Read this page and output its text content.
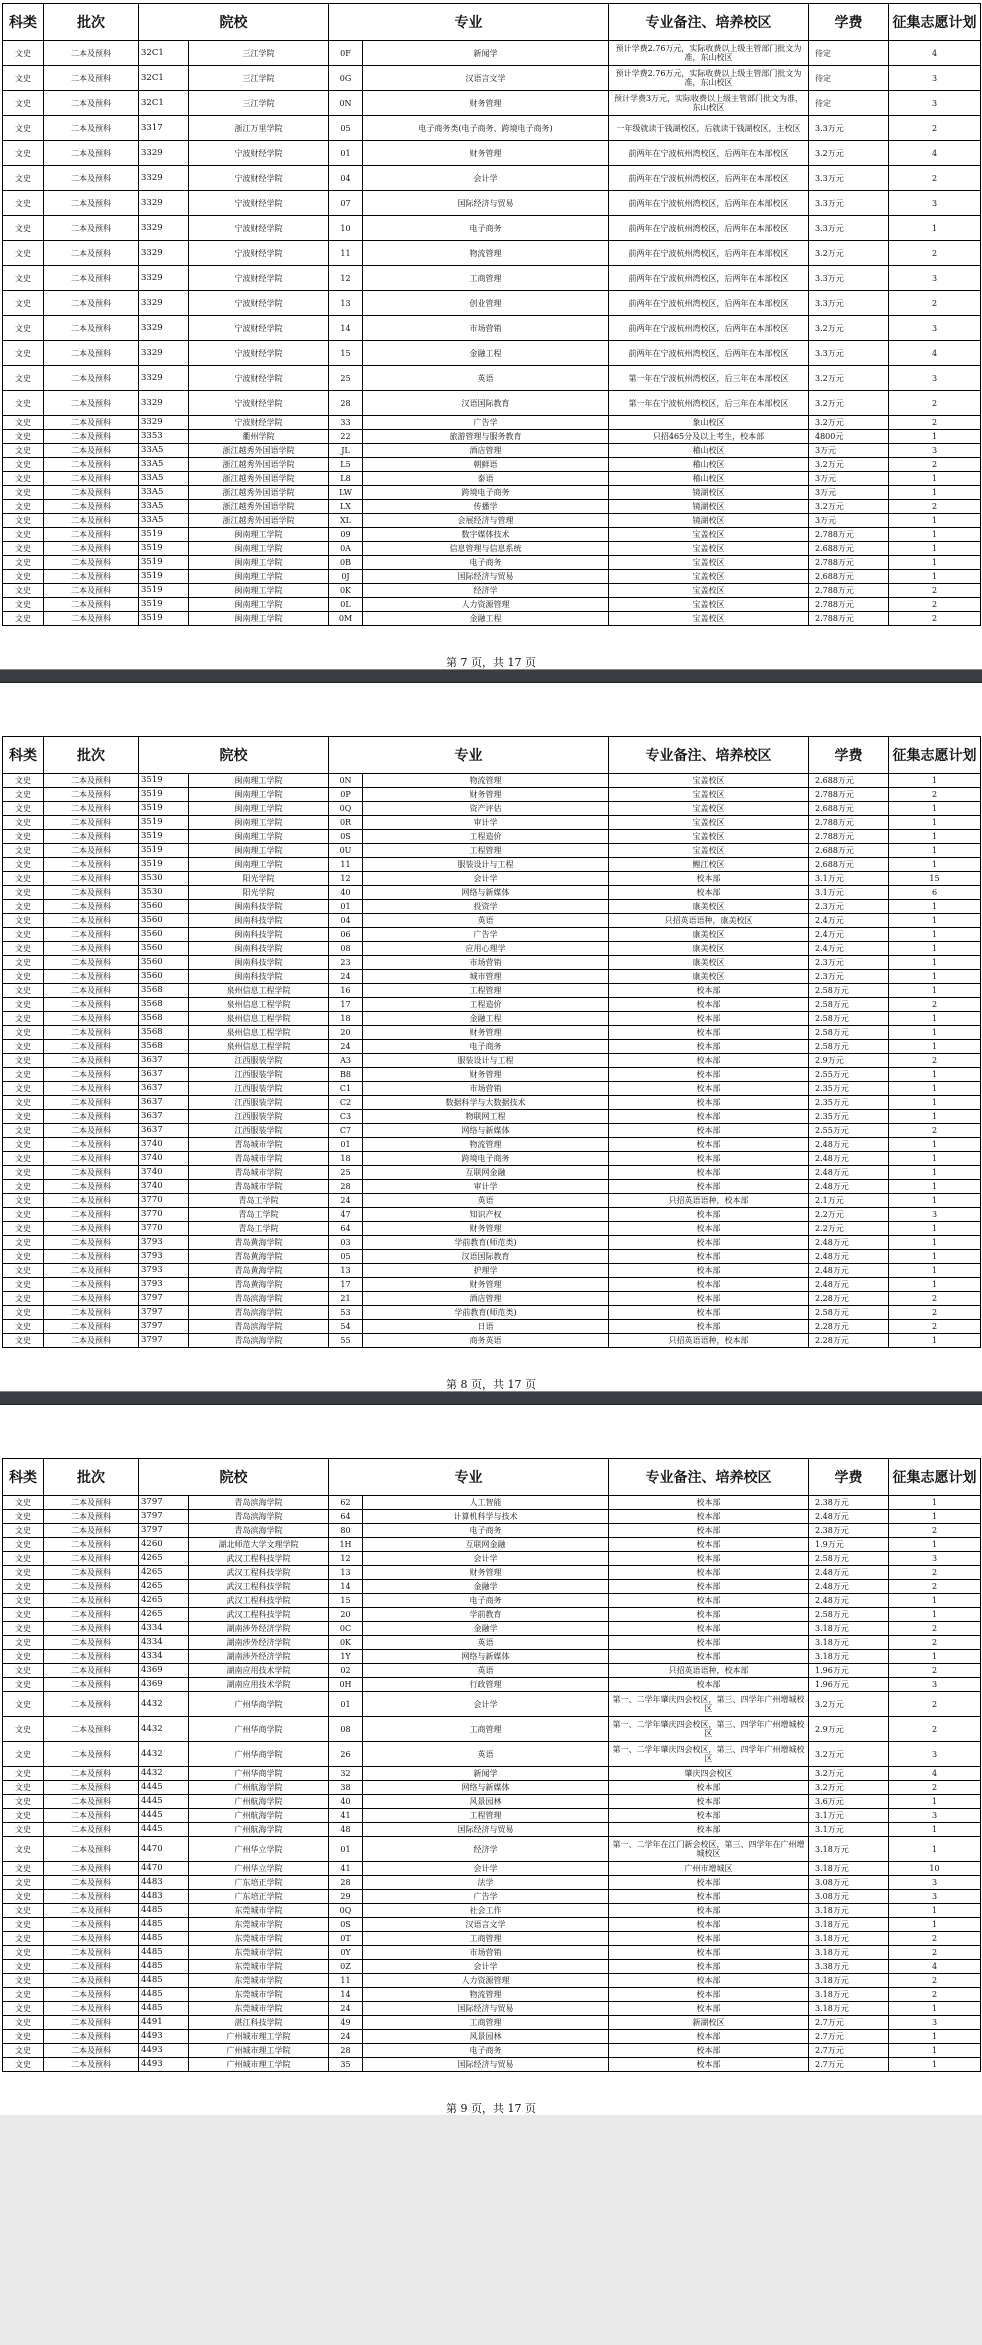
科类	批次	院校		专业		专业备注、培养校区	学费	征集志愿计划
文史	二本及预科	32C1	三江学院	0F	新闻学	预计学费2.76万元，实际收费以上级主管部门批文为准，东山校区	待定	4
文史	二本及预科	32C1	三江学院	0G	汉语言文学	预计学费2.76万元，实际收费以上级主管部门批文为准，东山校区	待定	3
文史	二本及预科	32C1	三江学院	0N	财务管理	预计学费3万元，实际收费以上级主管部门批文为准，东山校区	待定	3
文史	二本及预科	3317	浙江万里学院	05	电子商务类(电子商务、跨境电子商务)	一年级就读于钱湖校区，后就读于钱湖校区，主校区	3.3万元	2
文史	二本及预科	3329	宁波财经学院	01	财务管理	前两年在宁波杭州湾校区，后两年在本部校区	3.2万元	4
文史	二本及预科	3329	宁波财经学院	04	会计学	前两年在宁波杭州湾校区，后两年在本部校区	3.3万元	2
文史	二本及预科	3329	宁波财经学院	07	国际经济与贸易	前两年在宁波杭州湾校区，后两年在本部校区	3.3万元	3
文史	二本及预科	3329	宁波财经学院	10	电子商务	前两年在宁波杭州湾校区，后两年在本部校区	3.3万元	1
文史	二本及预科	3329	宁波财经学院	11	物流管理	前两年在宁波杭州湾校区，后两年在本部校区	3.2万元	2
文史	二本及预科	3329	宁波财经学院	12	工商管理	前两年在宁波杭州湾校区，后两年在本部校区	3.3万元	3
文史	二本及预科	3329	宁波财经学院	13	创业管理	前两年在宁波杭州湾校区，后两年在本部校区	3.3万元	2
文史	二本及预科	3329	宁波财经学院	14	市场营销	前两年在宁波杭州湾校区，后两年在本部校区	3.2万元	3
文史	二本及预科	3329	宁波财经学院	15	金融工程	前两年在宁波杭州湾校区，后两年在本部校区	3.3万元	4
文史	二本及预科	3329	宁波财经学院	25	英语	第一年在宁波杭州湾校区，后三年在本部校区	3.2万元	3
文史	二本及预科	3329	宁波财经学院	28	汉语国际教育	第一年在宁波杭州湾校区，后三年在本部校区	3.2万元	2
文史	二本及预科	3329	宁波财经学院	33	广告学	象山校区	3.2万元	2
文史	二本及预科	3353	衢州学院	22	旅游管理与服务教育	只招465分及以上考生，校本部	4800元	1
文史	二本及预科	33A5	浙江越秀外国语学院	JL	酒店管理	稽山校区	3万元	3
文史	二本及预科	33A5	浙江越秀外国语学院	L5	朝鲜语	稽山校区	3.2万元	2
文史	二本及预科	33A5	浙江越秀外国语学院	L8	泰语	稽山校区	3万元	1
文史	二本及预科	33A5	浙江越秀外国语学院	LW	跨境电子商务	镜湖校区	3万元	1
文史	二本及预科	33A5	浙江越秀外国语学院	LX	传播学	镜湖校区	3.2万元	2
文史	二本及预科	33A5	浙江越秀外国语学院	XL	会展经济与管理	镜湖校区	3万元	1
文史	二本及预科	3519	闽南理工学院	09	数字媒体技术	宝盖校区	2.788万元	1
文史	二本及预科	3519	闽南理工学院	0A	信息管理与信息系统	宝盖校区	2.688万元	1
文史	二本及预科	3519	闽南理工学院	0B	电子商务	宝盖校区	2.788万元	1
文史	二本及预科	3519	闽南理工学院	0J	国际经济与贸易	宝盖校区	2.688万元	1
文史	二本及预科	3519	闽南理工学院	0K	经济学	宝盖校区	2.788万元	2
文史	二本及预科	3519	闽南理工学院	0L	人力资源管理	宝盖校区	2.788万元	2
文史	二本及预科	3519	闽南理工学院	0M	金融工程	宝盖校区	2.788万元	2
第 7 页，共 17 页
科类	批次	院校		专业		专业备注、培养校区	学费	征集志愿计划
文史	二本及预科	3519	闽南理工学院	0N	物流管理	宝盖校区	2.688万元	1
文史	二本及预科	3519	闽南理工学院	0P	财务管理	宝盖校区	2.788万元	2
文史	二本及预科	3519	闽南理工学院	0Q	资产评估	宝盖校区	2.688万元	1
文史	二本及预科	3519	闽南理工学院	0R	审计学	宝盖校区	2.788万元	1
文史	二本及预科	3519	闽南理工学院	0S	工程造价	宝盖校区	2.788万元	1
文史	二本及预科	3519	闽南理工学院	0U	工程管理	宝盖校区	2.688万元	1
文史	二本及预科	3519	闽南理工学院	11	服装设计与工程	鲤江校区	2.688万元	1
文史	二本及预科	3530	阳光学院	12	会计学	校本部	3.1万元	15
文史	二本及预科	3530	阳光学院	40	网络与新媒体	校本部	3.1万元	6
文史	二本及预科	3560	闽南科技学院	01	投资学	康美校区	2.3万元	1
文史	二本及预科	3560	闽南科技学院	04	英语	只招英语语种，康美校区	2.4万元	1
文史	二本及预科	3560	闽南科技学院	06	广告学	康美校区	2.4万元	1
文史	二本及预科	3560	闽南科技学院	08	应用心理学	康美校区	2.4万元	1
文史	二本及预科	3560	闽南科技学院	23	市场营销	康美校区	2.3万元	1
文史	二本及预科	3560	闽南科技学院	24	城市管理	康美校区	2.3万元	1
文史	二本及预科	3568	泉州信息工程学院	16	工程管理	校本部	2.58万元	1
文史	二本及预科	3568	泉州信息工程学院	17	工程造价	校本部	2.58万元	2
文史	二本及预科	3568	泉州信息工程学院	18	金融工程	校本部	2.58万元	1
文史	二本及预科	3568	泉州信息工程学院	20	财务管理	校本部	2.58万元	1
文史	二本及预科	3568	泉州信息工程学院	24	电子商务	校本部	2.58万元	1
文史	二本及预科	3637	江西服装学院	A3	服装设计与工程	校本部	2.9万元	2
文史	二本及预科	3637	江西服装学院	B8	财务管理	校本部	2.55万元	1
文史	二本及预科	3637	江西服装学院	C1	市场营销	校本部	2.35万元	1
文史	二本及预科	3637	江西服装学院	C2	数据科学与大数据技术	校本部	2.35万元	1
文史	二本及预科	3637	江西服装学院	C3	物联网工程	校本部	2.35万元	1
文史	二本及预科	3637	江西服装学院	C7	网络与新媒体	校本部	2.55万元	2
文史	二本及预科	3740	青岛城市学院	01	物流管理	校本部	2.48万元	1
文史	二本及预科	3740	青岛城市学院	18	跨境电子商务	校本部	2.48万元	1
文史	二本及预科	3740	青岛城市学院	25	互联网金融	校本部	2.48万元	1
文史	二本及预科	3740	青岛城市学院	28	审计学	校本部	2.48万元	1
文史	二本及预科	3770	青岛工学院	24	英语	只招英语语种，校本部	2.1万元	1
文史	二本及预科	3770	青岛工学院	47	知识产权	校本部	2.2万元	3
文史	二本及预科	3770	青岛工学院	64	财务管理	校本部	2.2万元	1
文史	二本及预科	3793	青岛黄海学院	03	学前教育(师范类)	校本部	2.48万元	1
文史	二本及预科	3793	青岛黄海学院	05	汉语国际教育	校本部	2.48万元	1
文史	二本及预科	3793	青岛黄海学院	13	护理学	校本部	2.48万元	1
文史	二本及预科	3793	青岛黄海学院	17	财务管理	校本部	2.48万元	1
文史	二本及预科	3797	青岛滨海学院	21	酒店管理	校本部	2.28万元	2
文史	二本及预科	3797	青岛滨海学院	53	学前教育(师范类)	校本部	2.58万元	2
文史	二本及预科	3797	青岛滨海学院	54	日语	校本部	2.28万元	2
文史	二本及预科	3797	青岛滨海学院	55	商务英语	只招英语语种，校本部	2.28万元	1
第 8 页，共 17 页
科类	批次	院校		专业		专业备注、培养校区	学费	征集志愿计划
文史	二本及预科	3797	青岛滨海学院	62	人工智能	校本部	2.38万元	1
文史	二本及预科	3797	青岛滨海学院	64	计算机科学与技术	校本部	2.48万元	1
文史	二本及预科	3797	青岛滨海学院	80	电子商务	校本部	2.38万元	2
文史	二本及预科	4260	湖北师范大学文理学院	1H	互联网金融	校本部	1.9万元	1
文史	二本及预科	4265	武汉工程科技学院	12	会计学	校本部	2.58万元	3
文史	二本及预科	4265	武汉工程科技学院	13	财务管理	校本部	2.48万元	2
文史	二本及预科	4265	武汉工程科技学院	14	金融学	校本部	2.48万元	2
文史	二本及预科	4265	武汉工程科技学院	15	电子商务	校本部	2.48万元	1
文史	二本及预科	4265	武汉工程科技学院	20	学前教育	校本部	2.58万元	1
文史	二本及预科	4334	湖南涉外经济学院	0C	金融学	校本部	3.18万元	2
文史	二本及预科	4334	湖南涉外经济学院	0K	英语	校本部	3.18万元	2
文史	二本及预科	4334	湖南涉外经济学院	1Y	网络与新媒体	校本部	3.18万元	1
文史	二本及预科	4369	湖南应用技术学院	02	英语	只招英语语种，校本部	1.96万元	2
文史	二本及预科	4369	湖南应用技术学院	0H	行政管理	校本部	1.96万元	3
文史	二本及预科	4432	广州华商学院	01	会计学	第一、二学年肇庆四会校区，第三、四学年广州增城校区	3.2万元	2
文史	二本及预科	4432	广州华商学院	08	工商管理	第一、二学年肇庆四会校区，第三、四学年广州增城校区	2.9万元	2
文史	二本及预科	4432	广州华商学院	26	英语	第一、二学年肇庆四会校区，第三、四学年广州增城校区	3.2万元	3
文史	二本及预科	4432	广州华商学院	32	新闻学	肇庆四会校区	3.2万元	4
文史	二本及预科	4445	广州航海学院	38	网络与新媒体	校本部	3.2万元	2
文史	二本及预科	4445	广州航海学院	40	风景园林	校本部	3.6万元	1
文史	二本及预科	4445	广州航海学院	41	工程管理	校本部	3.1万元	3
文史	二本及预科	4445	广州航海学院	48	国际经济与贸易	校本部	3.1万元	1
文史	二本及预科	4470	广州华立学院	01	经济学	第一、二学年在江门新会校区，第三、四学年在广州增城校区	3.18万元	1
文史	二本及预科	4470	广州华立学院	41	会计学	广州市增城区	3.18万元	10
文史	二本及预科	4483	广东培正学院	28	法学	校本部	3.08万元	3
文史	二本及预科	4483	广东培正学院	29	广告学	校本部	3.08万元	3
文史	二本及预科	4485	东莞城市学院	0Q	社会工作	校本部	3.18万元	1
文史	二本及预科	4485	东莞城市学院	0S	汉语言文学	校本部	3.18万元	1
文史	二本及预科	4485	东莞城市学院	0T	工商管理	校本部	3.18万元	2
文史	二本及预科	4485	东莞城市学院	0Y	市场营销	校本部	3.18万元	2
文史	二本及预科	4485	东莞城市学院	0Z	会计学	校本部	3.38万元	4
文史	二本及预科	4485	东莞城市学院	11	人力资源管理	校本部	3.18万元	2
文史	二本及预科	4485	东莞城市学院	14	物流管理	校本部	3.18万元	2
文史	二本及预科	4485	东莞城市学院	24	国际经济与贸易	校本部	3.18万元	1
文史	二本及预科	4491	湛江科技学院	49	工商管理	新湖校区	2.7万元	3
文史	二本及预科	4493	广州城市理工学院	24	风景园林	校本部	2.7万元	1
文史	二本及预科	4493	广州城市理工学院	28	电子商务	校本部	2.7万元	1
文史	二本及预科	4493	广州城市理工学院	35	国际经济与贸易	校本部	2.7万元	1
第 9 页，共 17 页
